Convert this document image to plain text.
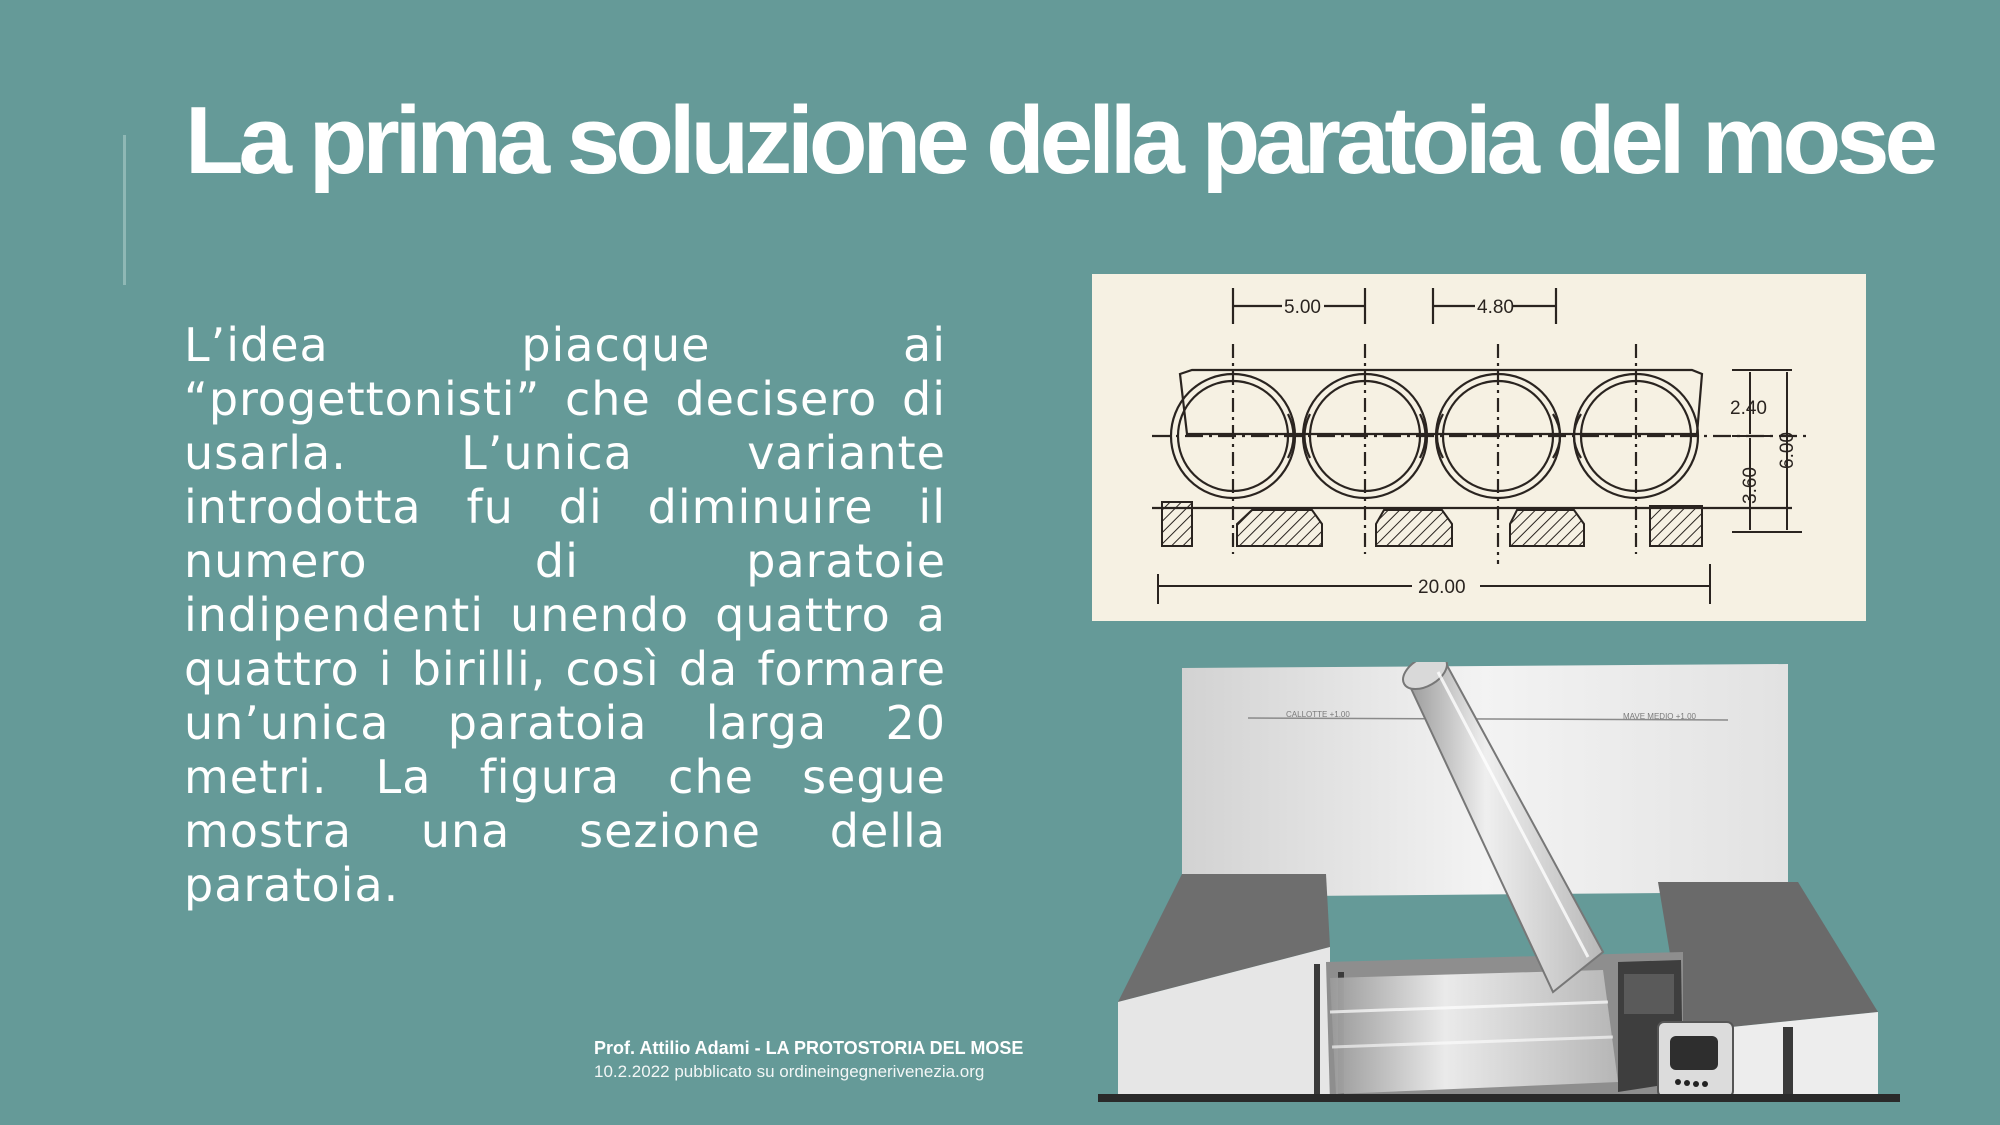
La prima soluzione della paratoia del mose
L’idea piacque ai “progettonisti” che decisero di usarla. L’unica variante introdotta fu di diminuire il numero di paratoie indipendenti unendo quattro a quattro i birilli, così da formare un’unica paratoia larga 20 metri. La figura che segue mostra una sezione della paratoia.
5.00	4.80
20.00
2.40
3.60
6.00
CALLOTTE +1.00	MAVE MEDIO +1.00
Prof. Attilio Adami - LA PROTOSTORIA DEL MOSE
10.2.2022 pubblicato su ordineingegnerivenezia.org
